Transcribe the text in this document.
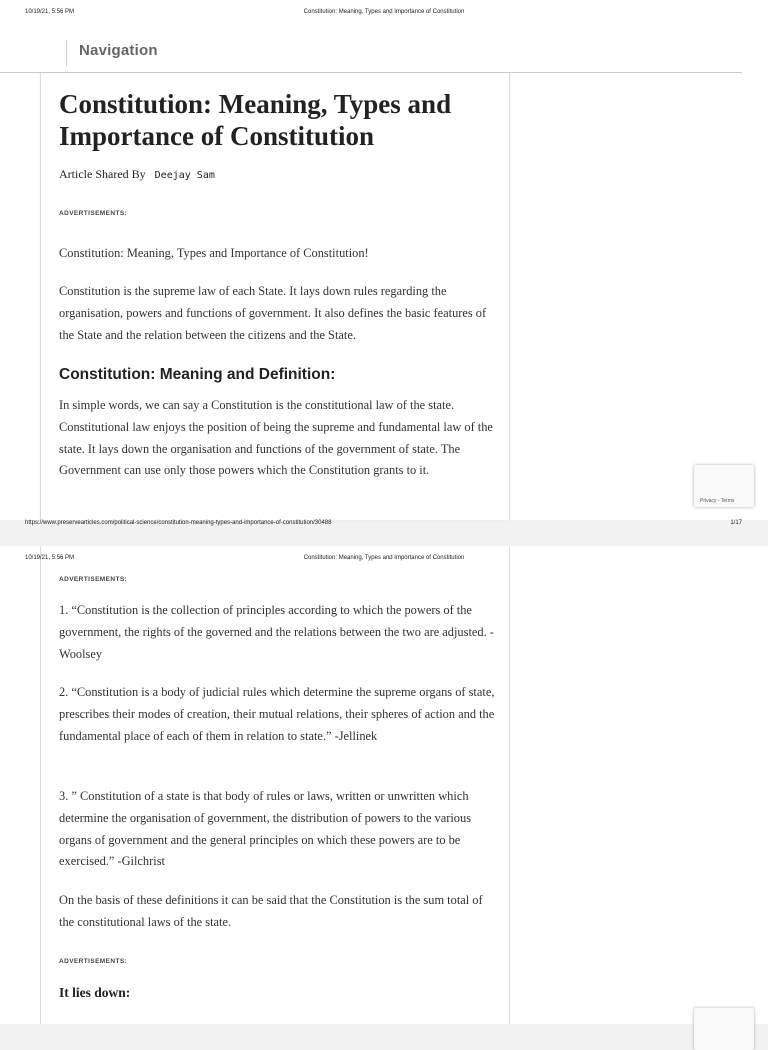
10/19/21, 5:56 PM	Constitution: Meaning, Types and Importance of Constitution
Navigation
Constitution: Meaning, Types and Importance of Constitution
Article Shared By Deejay Sam
ADVERTISEMENTS:

Constitution: Meaning, Types and Importance of Constitution!

Constitution is the supreme law of each State. It lays down rules regarding the organisation, powers and functions of government. It also defines the basic features of the State and the relation between the citizens and the State.

Constitution: Meaning and Definition:

In simple words, we can say a Constitution is the constitutional law of the state. Constitutional law enjoys the position of being the supreme and fundamental law of the state. It lays down the organisation and functions of the government of state. The Government can use only those powers which the Constitution grants to it.

Privacy - Terms
https://www.preservearticles.com/political-science/constitution-meaning-types-and-importance-of-constitution/30488	1/17
ADVERTISEMENTS:

1. “Constitution is the collection of principles according to which the powers of the government, the rights of the governed and the relations between the two are adjusted. -Woolsey

2. “Constitution is a body of judicial rules which determine the supreme organs of state, prescribes their modes of creation, their mutual relations, their spheres of action and the fundamental place of each of them in relation to state.” -Jellinek

3. ” Constitution of a state is that body of rules or laws, written or unwritten which determine the organisation of government, the distribution of powers to the various organs of government and the general principles on which these powers are to be exercised.” -Gilchrist

On the basis of these definitions it can be said that the Constitution is the sum total of the constitutional laws of the state.

ADVERTISEMENTS:
It lies down:
10/19/21, 5:56 PM	Constitution: Meaning, Types and Importance of Constitution
